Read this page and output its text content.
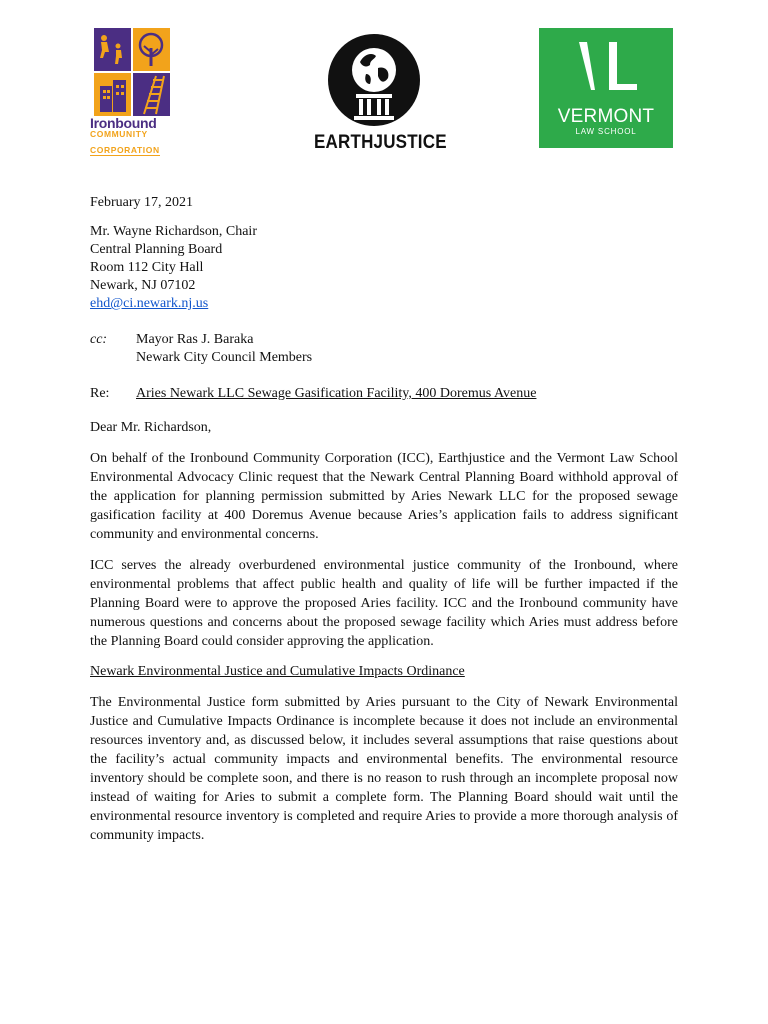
Ironbound
COMMUNITY
CORPORATION	EARTHJUSTICE
VERMONT
LAW SCHOOL
February 17, 2021
Mr. Wayne Richardson, Chair
Central Planning Board
Room 112 City Hall
Newark, NJ 07102
ehd@ci.newark.nj.us
cc:	Mayor Ras J. Baraka
Newark City Council Members
Re:	Aries Newark LLC Sewage Gasification Facility, 400 Doremus Avenue
Dear Mr. Richardson,

On behalf of the Ironbound Community Corporation (ICC), Earthjustice and the Vermont Law School Environmental Advocacy Clinic request that the Newark Central Planning Board withhold approval of the application for planning permission submitted by Aries Newark LLC for the proposed sewage gasification facility at 400 Doremus Avenue because Aries’s application fails to address significant community and environmental concerns.

ICC serves the already overburdened environmental justice community of the Ironbound, where environmental problems that affect public health and quality of life will be further impacted if the Planning Board were to approve the proposed Aries facility. ICC and the Ironbound community have numerous questions and concerns about the proposed sewage facility which Aries must address before the Planning Board could consider approving the application.

Newark Environmental Justice and Cumulative Impacts Ordinance

The Environmental Justice form submitted by Aries pursuant to the City of Newark Environmental Justice and Cumulative Impacts Ordinance is incomplete because it does not include an environmental resources inventory and, as discussed below, it includes several assumptions that raise questions about the facility’s actual community impacts and environmental benefits. The environmental resource inventory should be complete soon, and there is no reason to rush through an incomplete proposal now instead of waiting for Aries to submit a complete form. The Planning Board should wait until the environmental resource inventory is completed and require Aries to provide a more thorough analysis of community impacts.
